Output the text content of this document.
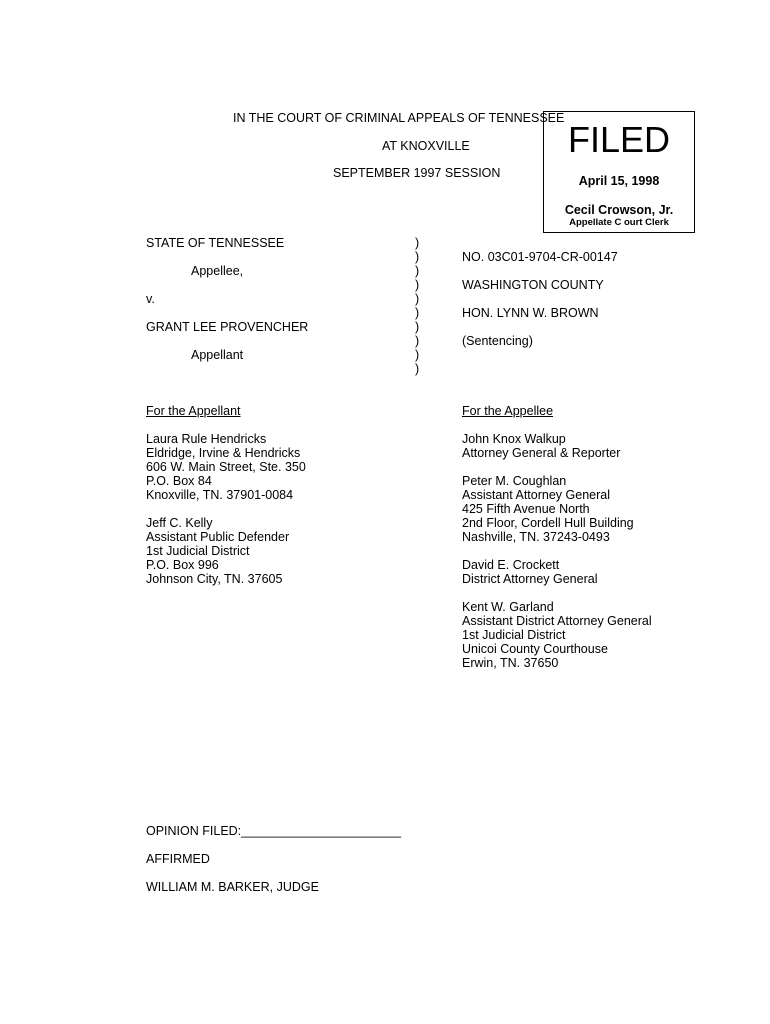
IN THE COURT OF CRIMINAL APPEALS OF TENNESSEE
AT KNOXVILLE
SEPTEMBER 1997 SESSION
FILED
April 15, 1998
Cecil Crowson, Jr.
Appellate C ourt Clerk
STATE OF TENNESSEE
Appellee,
v.
GRANT LEE PROVENCHER
Appellant
)
)
)
)
)
)
)
)
)
)
NO. 03C01-9704-CR-00147
WASHINGTON COUNTY
HON. LYNN W. BROWN
(Sentencing)
For the Appellant	For the Appellee
Laura Rule Hendricks
Eldridge, Irvine & Hendricks
606 W. Main Street, Ste. 350
P.O. Box 84
Knoxville, TN. 37901-0084
Jeff C. Kelly
Assistant Public Defender
1st Judicial District
P.O. Box 996
Johnson City, TN. 37605
John Knox Walkup
Attorney General & Reporter
Peter M. Coughlan
Assistant Attorney General
425 Fifth Avenue North
2nd Floor, Cordell Hull Building
Nashville, TN. 37243-0493
David E. Crockett
District Attorney General
Kent W. Garland
Assistant District Attorney General
1st Judicial District
Unicoi County Courthouse
Erwin, TN. 37650
OPINION FILED:_______________________
AFFIRMED
WILLIAM M. BARKER, JUDGE
